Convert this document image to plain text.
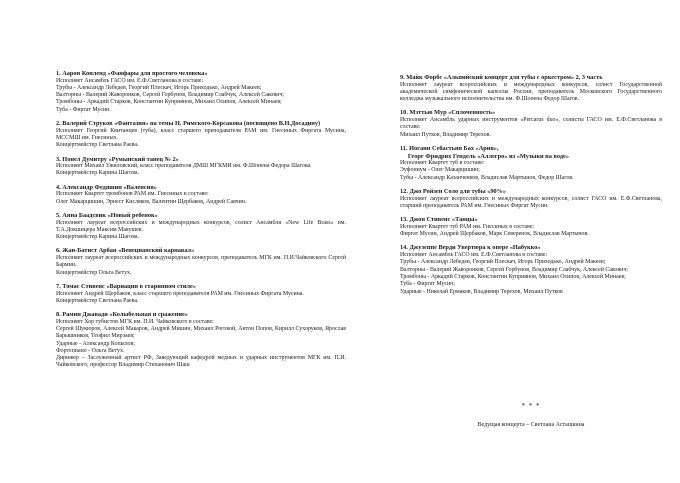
1. Аарон Копленд «Фанфары для простого человека»
Исполняет Ансамбль ГАСО им. Е.Ф.Светланова в составе:
Трубы - Александр Лебедев, Георгий Плескач, Игорь Приходько, Андрей Макеев;
Валторны - Валерий Жаворонков, Сергей Горбунов, Владимир Слабчук, Алексей Сакович;
Тромбоны - Аркадий Старков, Константин Куприянов, Михаил Осипов, Алексей Минаев;
Туба - Фиргат Мусин.
2. Валерий Струков «Фантазия» на темы Н. Римского-Корсакова (посвящено В.Н.Досадину)
Исполняет Георгий Квитанцев (туба), класс старшего преподавателя РАМ им. Гнесиных Фиргата Мусина, МССМШ им. Гнесиных.
Концертмейстер Светлана Раева.
3. Нонел Думитру «Румынский танец № 2»
Исполняет Михаил Ужиловский, класс преподавателя ДМШ МГКМИ им. Ф.Шопена Федора Шагова.
Концертмейстер Карина Шагова.
4. Александр Федяшин «Валенсия»
Исполняет Квартет тромбонов РАМ им. Гнесиных в составе:
Олег Макарцишин, Эрнест Кисляков, Валентин Щербаков, Андрей Савчин.
5. Анна Баадсвик «Новый ребенок»
Исполняет лауреат всероссийских и международных конкурсов, солист Ансамбля «New Life Brass» им. Т.А.Докшицера Максим Макушев.
Концертмейстер Карина Шагова.
6. Жан-Батист Арбан «Венецианский карнавал»
Исполняет лауреат всероссийских и международных конкурсов, преподаватель МГК им. П.И.Чайковского Сергей Бармин.
Концертмейстер Ольга Ветух.
7. Томас Стивенс «Вариации в старинном стиле»
Исполняет Андрей Щербаков, класс старшего преподавателя РАМ им. Гнесиных Фиргата Мусина.
Концертмейстер Светлана Раева.
8. Рамин Джавади «Колыбельная и сражение»
Исполняет Хор тубистов МГК им. П.И. Чайковского в составе:
Сергей Шукюров, Алексей Макаров, Андрей Мишин, Михаил Роговой, Антон Попов, Кирилл Сухоруков, Ярослав Барышников, Теофил Мирзаев;
Ударные - Александр Копылов;
Фортепиано - Ольга Ветух.
Дирижер – Заслуженный артист РФ, Заведующий кафедрой медных и ударных инструментов МГК им. П.И. Чайковского, профессор Владимир Степанович Шаш
9. Майк Форбс «Альпийский концерт для тубы с оркестром» 2, 3 часть
Исполняет лауреат всероссийских и международных конкурсов, солист Государственной академической симфонической капеллы России, преподаватель Московского Государственного колледжа музыкального исполнительства им. Ф.Шопена Федор Шагов.
10. Мэттью Мур «Сплоченность»
Исполняет Ансамбль ударных инструментов «Percarus duo», солисты ГАСО им. Е.Ф.Светланова в составе:
Михаил Путков, Владимир Терехов.
11. Иоганн Себастьян Бах «Ария»,
Георг Фридрих Гендель «Аллегро» из «Музыки на воде»
Исполняет Квартет туб в составе:
Эуфониум - Олег Макарцишин;
Тубы - Александр Казанченков, Владислав Мартынов, Федор Шагов.
12. Джо Ройзен Соло для тубы «90%»
Исполняет лауреат всероссийских и международных конкурсов, солист ГАСО им. Е.Ф.Светланова, старший преподаватель РАМ им. Гнесиных Фиргат Мусин.
13. Джон Стивенс «Танцы»
Исполняет Квартет туб РАМ им. Гнесиных в составе:
Фиргат Мусин, Андрей Щербаков, Марк Северенок, Владислав Мартынов.
14. Джузеппе Верди Увертюра к опере «Набукко»
Исполняет Ансамбль ГАСО им. Е.Ф.Светланова в составе:
Трубы - Александр Лебедев, Георгий Плескач, Игорь Приходько, Андрей Макеев;
Валторны - Валерий Жаворонков, Сергей Горбунов, Владимир Слабчук, Алексей Сакович;
Тромбоны - Аркадий Старков, Константин Куприянов, Михаил Осипов, Алексей Минаев;
Туба - Фиргат Мусин;
Ударные - Николай Ермаков, Владимир Терехов, Михаил Путков
* * *
Ведущая концерта – Светлана Асташкина
